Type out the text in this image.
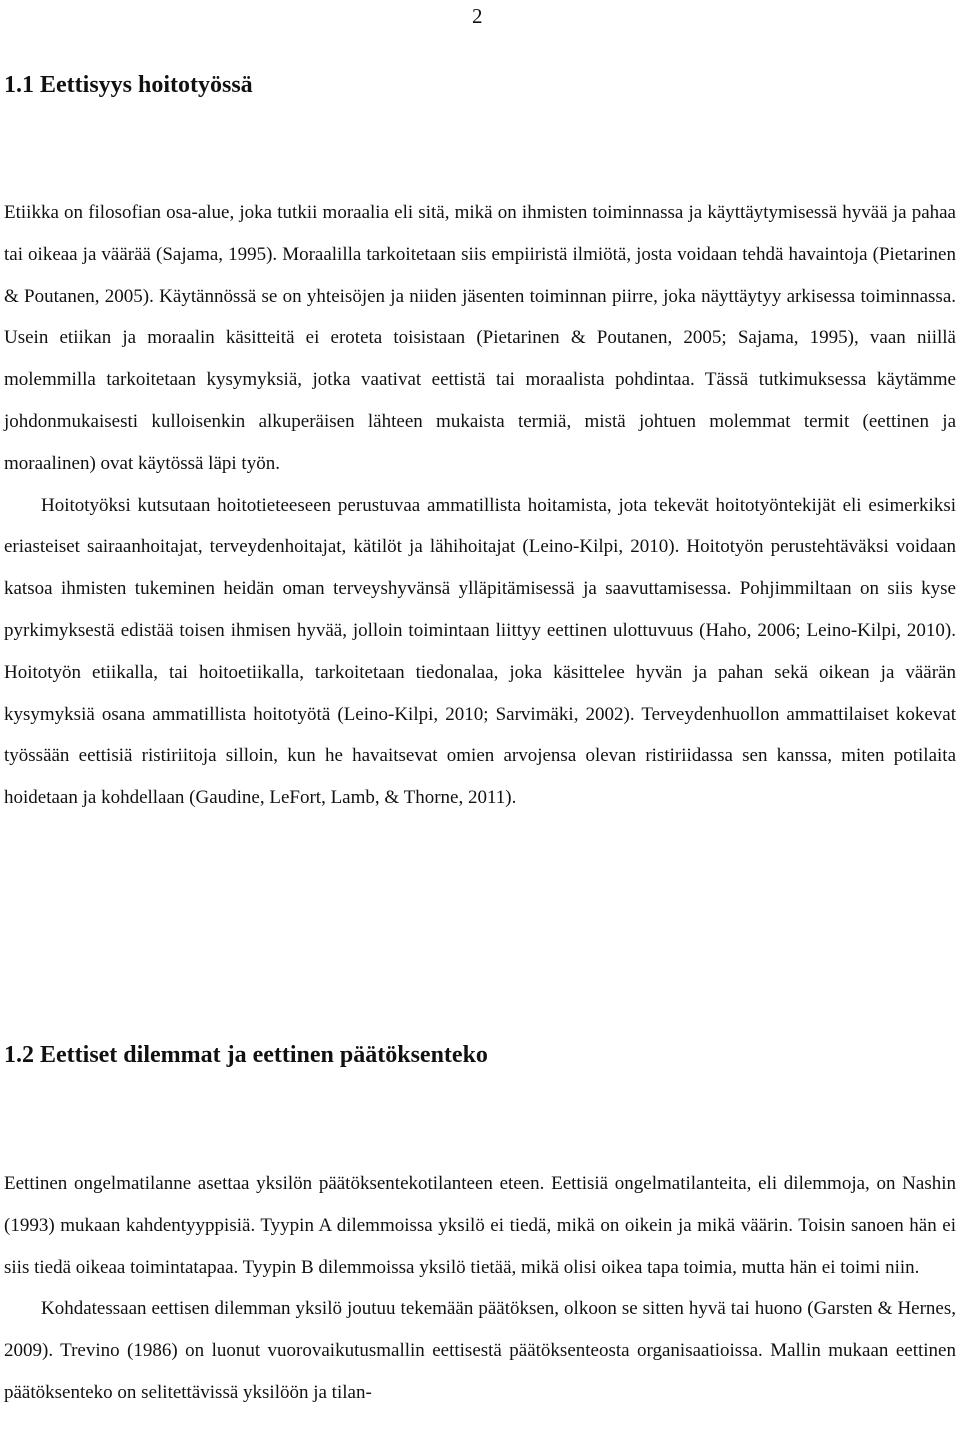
2
1.1 Eettisyys hoitotyössä

Etiikka on filosofian osa-alue, joka tutkii moraalia eli sitä, mikä on ihmisten toiminnassa ja käyttäytymisessä hyvää ja pahaa tai oikeaa ja väärää (Sajama, 1995). Moraalilla tarkoitetaan siis empiiristä ilmiötä, josta voidaan tehdä havaintoja (Pietarinen & Poutanen, 2005). Käytännössä se on yhteisöjen ja niiden jäsenten toiminnan piirre, joka näyttäytyy arkisessa toiminnassa. Usein etiikan ja moraalin käsitteitä ei eroteta toisistaan (Pietarinen & Poutanen, 2005; Sajama, 1995), vaan niillä molemmilla tarkoitetaan kysymyksiä, jotka vaativat eettistä tai moraalista pohdintaa. Tässä tutkimuksessa käytämme johdonmukaisesti kulloisenkin alkuperäisen lähteen mukaista termiä, mistä johtuen molemmat termit (eettinen ja moraalinen) ovat käytössä läpi työn.

Hoitotyöksi kutsutaan hoitotieteeseen perustuvaa ammatillista hoitamista, jota tekevät hoitotyöntekijät eli esimerkiksi eriasteiset sairaanhoitajat, terveydenhoitajat, kätilöt ja lähihoitajat (Leino-Kilpi, 2010). Hoitotyön perustehtäväksi voidaan katsoa ihmisten tukeminen heidän oman terveyshyvänsä ylläpitämisessä ja saavuttamisessa. Pohjimmiltaan on siis kyse pyrkimyksestä edistää toisen ihmisen hyvää, jolloin toimintaan liittyy eettinen ulottuvuus (Haho, 2006; Leino-Kilpi, 2010). Hoitotyön etiikalla, tai hoitoetiikalla, tarkoitetaan tiedonalaa, joka käsittelee hyvän ja pahan sekä oikean ja väärän kysymyksiä osana ammatillista hoitotyötä (Leino-Kilpi, 2010; Sarvimäki, 2002). Terveydenhuollon ammattilaiset kokevat työssään eettisiä ristiriitoja silloin, kun he havaitsevat omien arvojensa olevan ristiriidassa sen kanssa, miten potilaita hoidetaan ja kohdellaan (Gaudine, LeFort, Lamb, & Thorne, 2011).

1.2 Eettiset dilemmat ja eettinen päätöksenteko

Eettinen ongelmatilanne asettaa yksilön päätöksentekotilanteen eteen. Eettisiä ongelmatilanteita, eli dilemmoja, on Nashin (1993) mukaan kahdentyyppisiä. Tyypin A dilemmoissa yksilö ei tiedä, mikä on oikein ja mikä väärin. Toisin sanoen hän ei siis tiedä oikeaa toimintatapaa. Tyypin B dilemmoissa yksilö tietää, mikä olisi oikea tapa toimia, mutta hän ei toimi niin.

Kohdatessaan eettisen dilemman yksilö joutuu tekemään päätöksen, olkoon se sitten hyvä tai huono (Garsten & Hernes, 2009). Trevino (1986) on luonut vuorovaikutusmallin eettisestä päätöksenteosta organisaatioissa. Mallin mukaan eettinen päätöksenteko on selitettävissä yksilöön ja tilan-
